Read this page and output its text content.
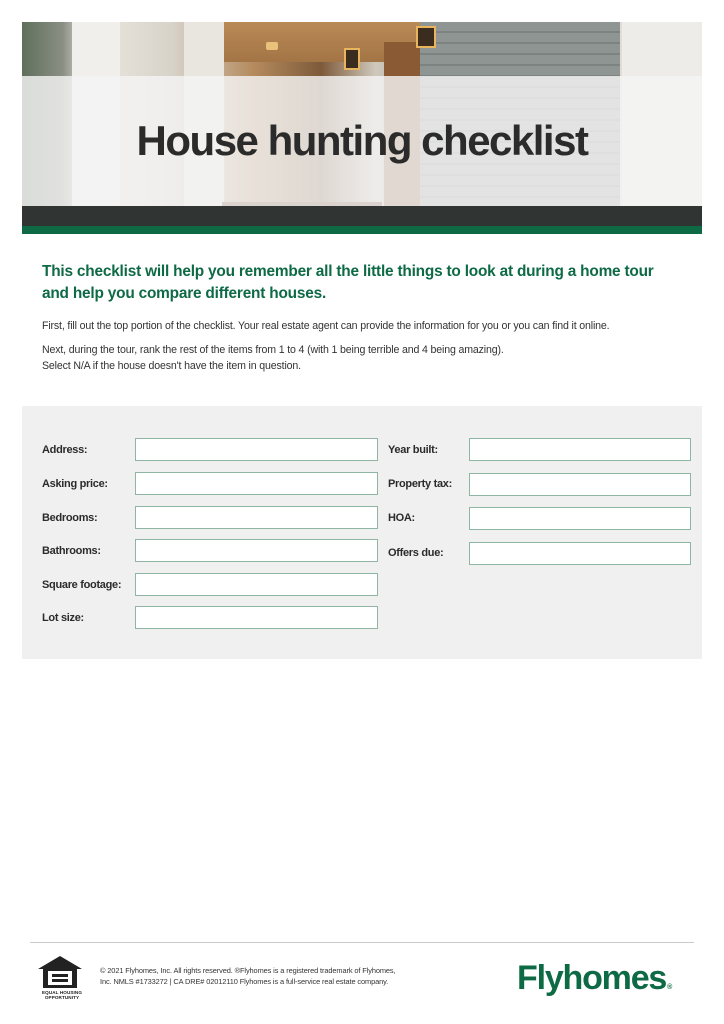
House hunting checklist

This checklist will help you remember all the little things to look at during a home tour and help you compare different houses.

First, fill out the top portion of the checklist. Your real estate agent can provide the information for you or you can find it online.

Next, during the tour, rank the rest of the items from 1 to 4 (with 1 being terrible and 4 being amazing).
Select N/A if the house doesn't have the item in question.

Address:
Asking price:
Bedrooms:
Bathrooms:
Square footage:
Lot size:
Year built:
Property tax:
HOA:
Offers due:
EQUAL HOUSING
OPPORTUNITY

© 2021 Flyhomes, Inc. All rights reserved. ®Flyhomes is a registered trademark of Flyhomes, Inc. NMLS #1733272 | CA DRE# 02012110 Flyhomes is a full-service real estate company.	Flyhomes®
